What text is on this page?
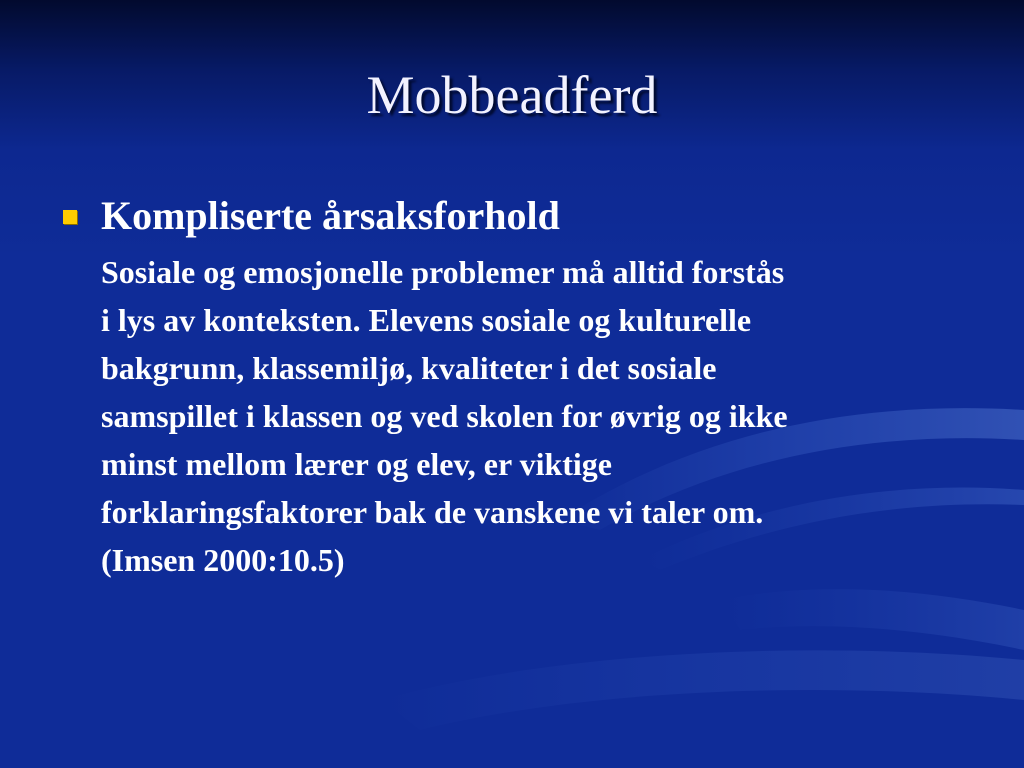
Mobbeadferd
Kompliserte årsaksforhold

Sosiale og emosjonelle problemer må alltid forstås
i lys av konteksten. Elevens sosiale og kulturelle
bakgrunn, klassemiljø, kvaliteter i det sosiale
samspillet i klassen og ved skolen for øvrig og ikke
minst mellom lærer og elev, er viktige
forklaringsfaktorer bak de vanskene vi taler om.
(Imsen 2000:10.5)
